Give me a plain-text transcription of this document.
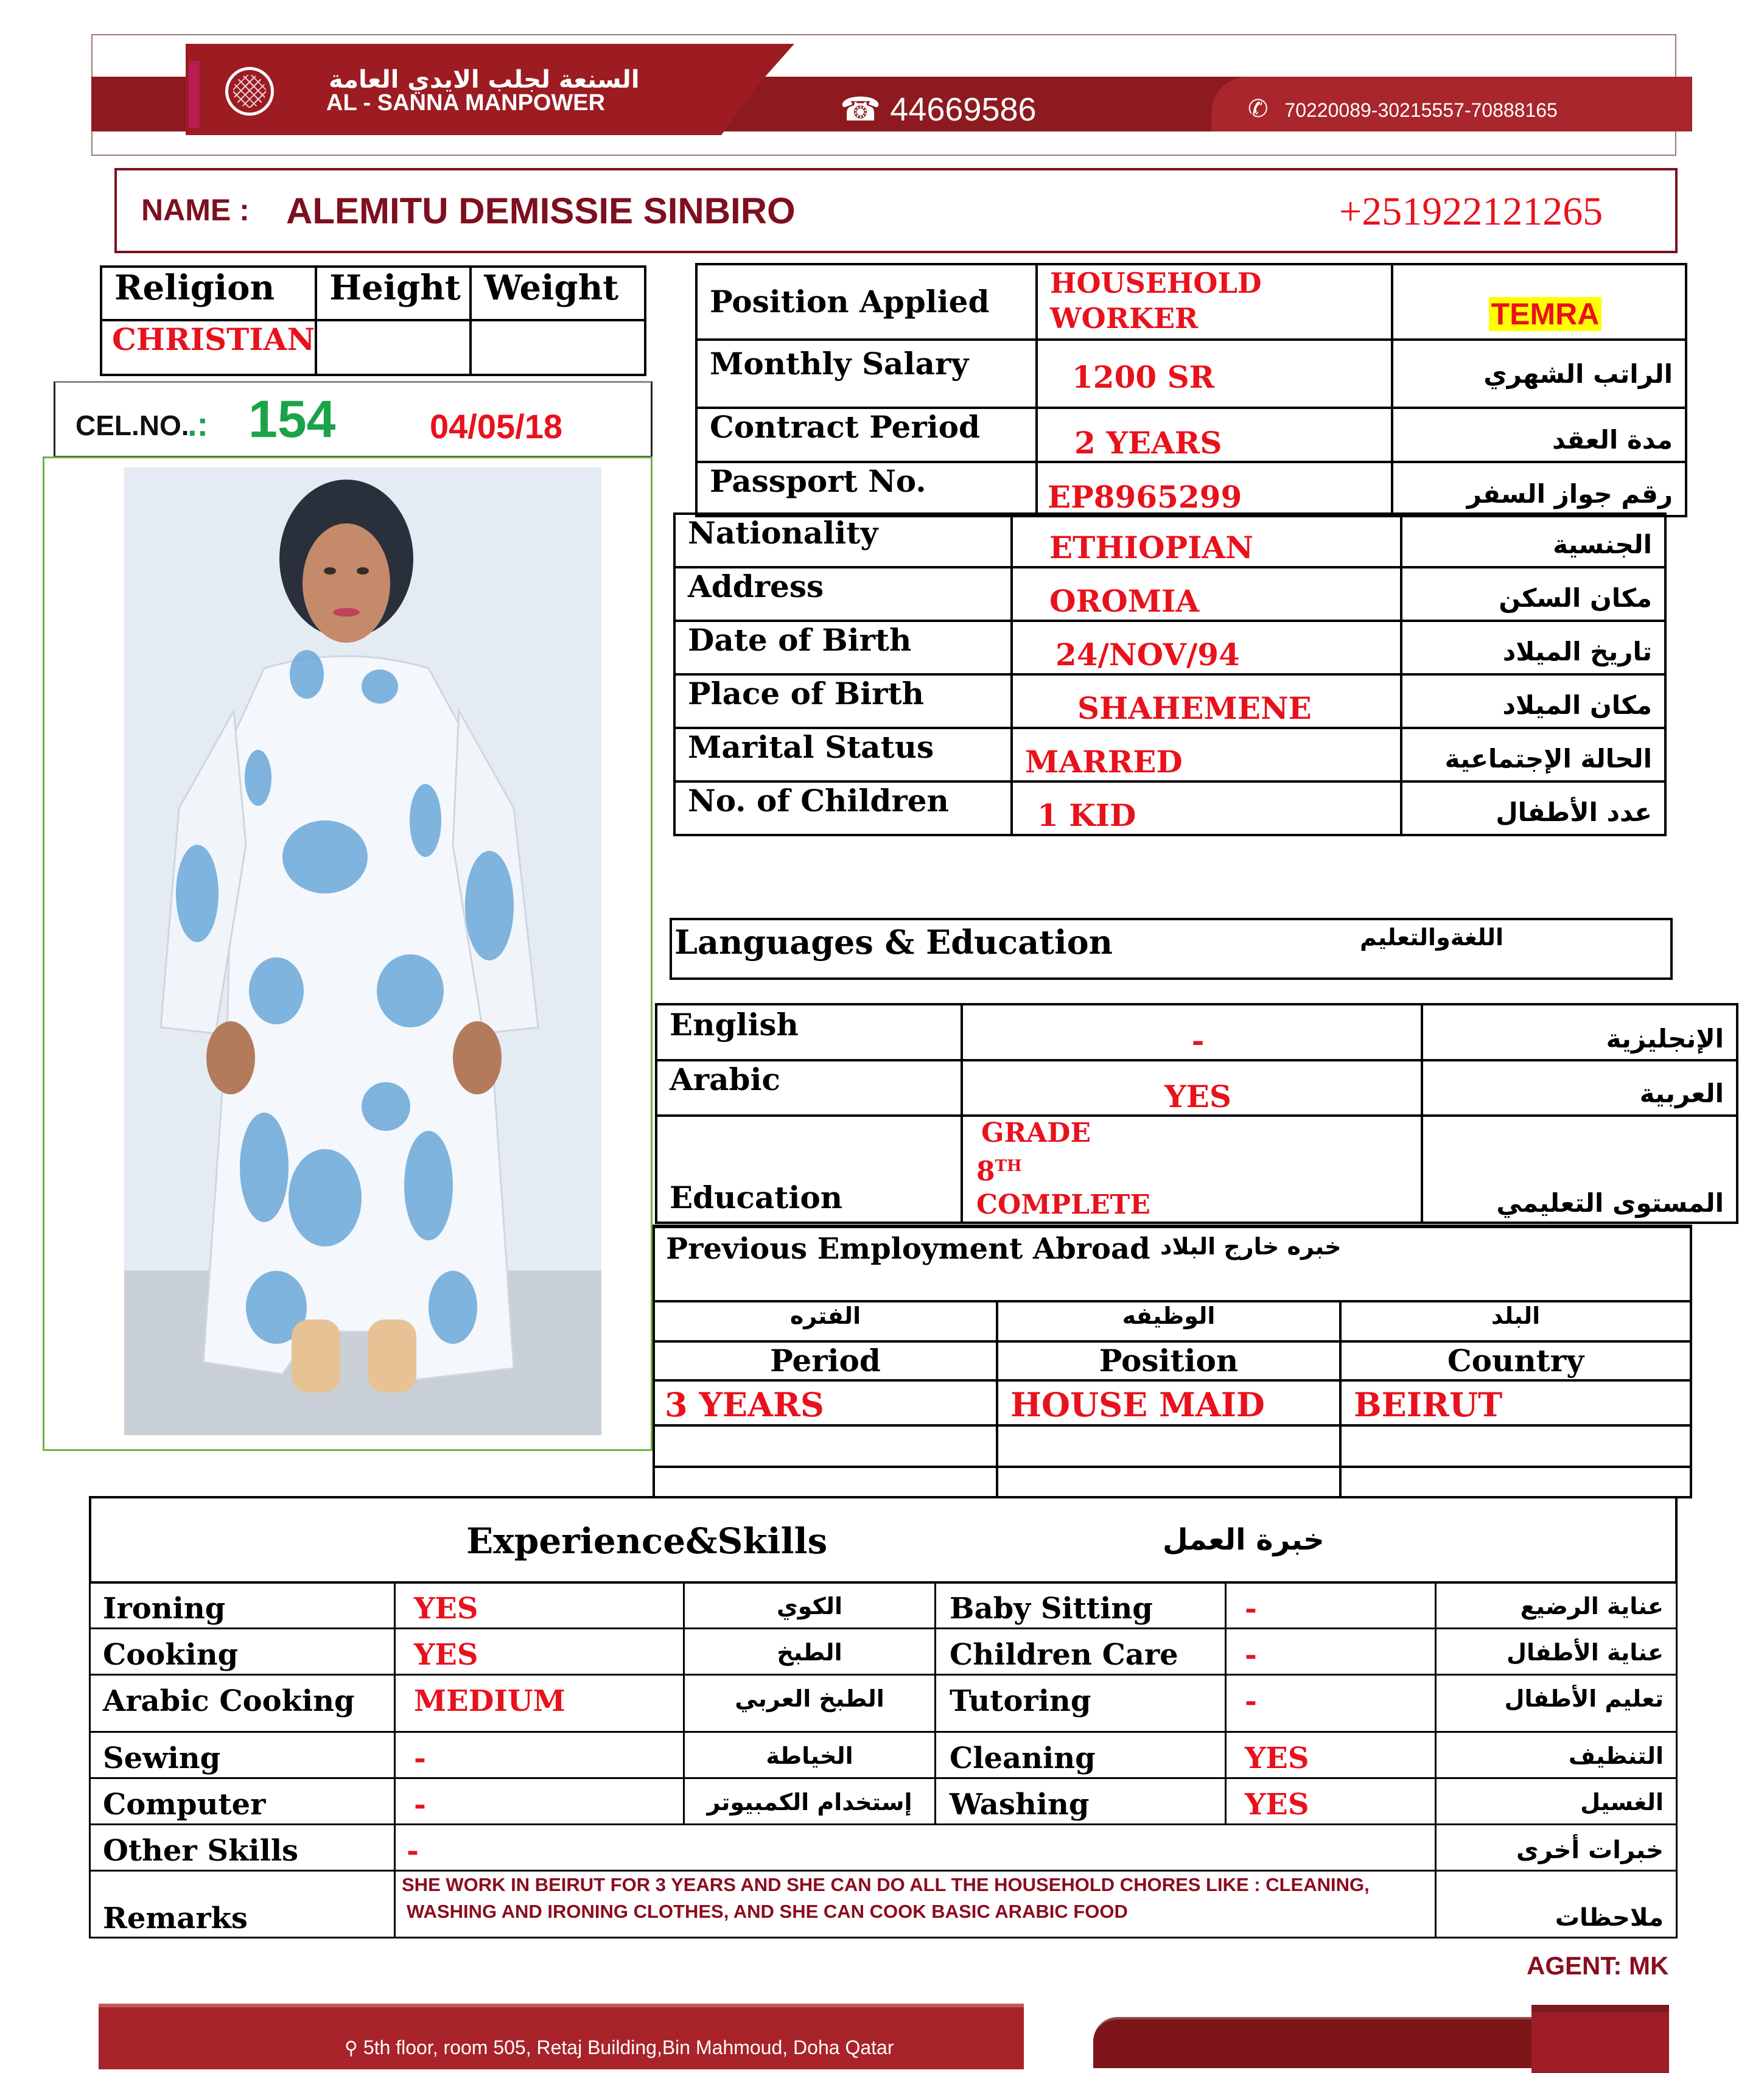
السنعة لجلب الايدي العامة
AL - SANNA MANPOWER	☎ 44669586	✆ 70220089-30215557-70888165
NAME : ALEMITU DEMISSIE SINBIRO	+251922121265
Religion	Height	Weight
CHRISTIAN		
CEL.NO.
.: 154	04/05/18
Position Applied	HOUSEHOLD WORKER	TEMRA
Monthly Salary	1200 SR	الراتب الشهري
Contract Period	2 YEARS	مدة العقد
Passport No.	EP8965299	رقم جواز السفر
Nationality	ETHIOPIAN	الجنسية
Address	OROMIA	مكان السكن
Date of Birth	24/NOV/94	تاريخ الميلاد
Place of Birth	SHAHEMENE	مكان الميلاد
Marital Status	MARRED	الحالة الإجتماعية
No. of Children	1 KID	عدد الأطفال
Languages & Education	اللغةوالتعليم
English	-	الإنجليزية
Arabic	YES	العربية
Education	GRADE
8TH
COMPLETE	المستوى التعليمي
Previous Employment Abroad خبره خارج البلاد
الفتره	الوظيفه	البلد
Period	Position	Country
3 YEARS	HOUSE MAID	BEIRUT

Experience&Skills	خبرة العمل
Ironing	YES	الكوي	Baby Sitting	-	عناية الرضيع
Cooking	YES	الطبخ	Children Care	-	عناية الأطفال
Arabic Cooking	MEDIUM	الطبخ العربي	Tutoring	-	تعليم الأطفال
Sewing	-	الخياطة	Cleaning	YES	التنظيف
Computer	-	إستخدام الكمبيوتر	Washing	YES	الغسيل
Other Skills	-				خبرات أخرى
Remarks	SHE WORK IN BEIRUT FOR 3 YEARS AND SHE CAN DO ALL THE HOUSEHOLD CHORES LIKE : CLEANING,
WASHING AND IRONING CLOTHES, AND SHE CAN COOK BASIC ARABIC FOOD				ملاحظات
AGENT: MK
⚲ 5th floor, room 505, Retaj Building,Bin Mahmoud, Doha Qatar
